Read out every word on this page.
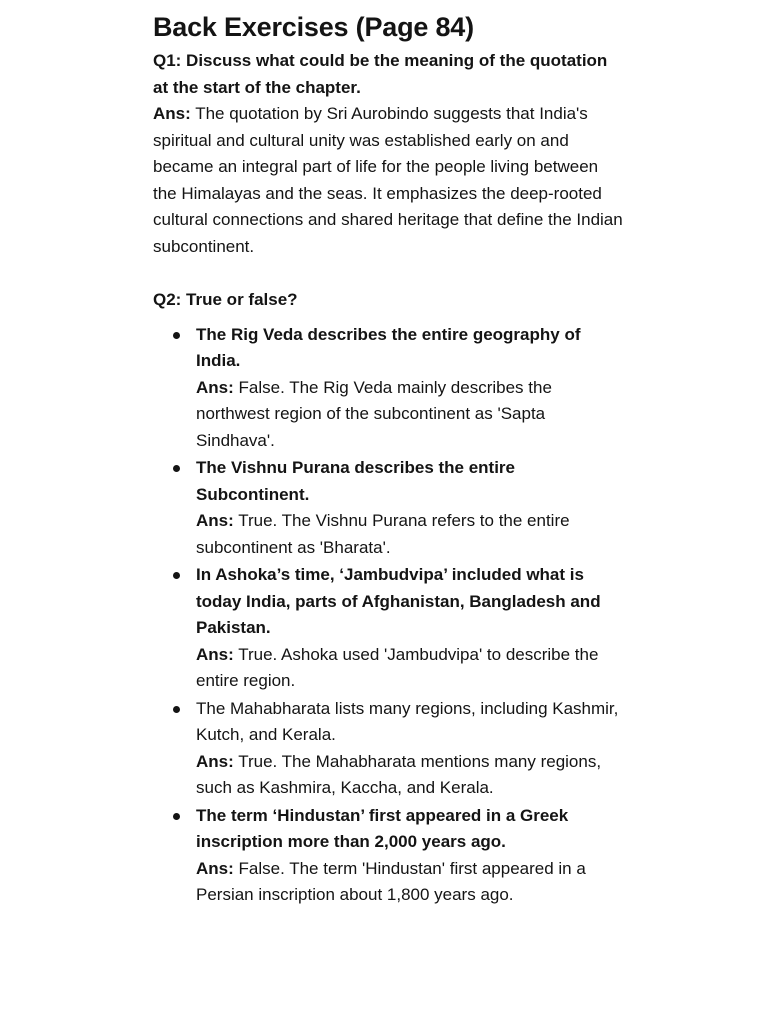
Back Exercises (Page 84)

Q1: Discuss what could be the meaning of the quotation at the start of the chapter.

Ans: The quotation by Sri Aurobindo suggests that India's spiritual and cultural unity was established early on and became an integral part of life for the people living between the Himalayas and the seas. It emphasizes the deep-rooted cultural connections and shared heritage that define the Indian subcontinent.

Q2: True or false?

The Rig Veda describes the entire geography of India.

Ans: False. The Rig Veda mainly describes the northwest region of the subcontinent as 'Sapta Sindhava'.

The Vishnu Purana describes the entire Subcontinent.

Ans: True. The Vishnu Purana refers to the entire subcontinent as 'Bharata'.

In Ashoka’s time, ‘Jambudvipa’ included what is today India, parts of Afghanistan, Bangladesh and Pakistan.

Ans: True. Ashoka used 'Jambudvipa' to describe the entire region.

The Mahabharata lists many regions, including Kashmir, Kutch, and Kerala.

Ans: True. The Mahabharata mentions many regions, such as Kashmira, Kaccha, and Kerala.

The term ‘Hindustan’ first appeared in a Greek inscription more than 2,000 years ago.

Ans: False. The term 'Hindustan' first appeared in a Persian inscription about 1,800 years ago.
